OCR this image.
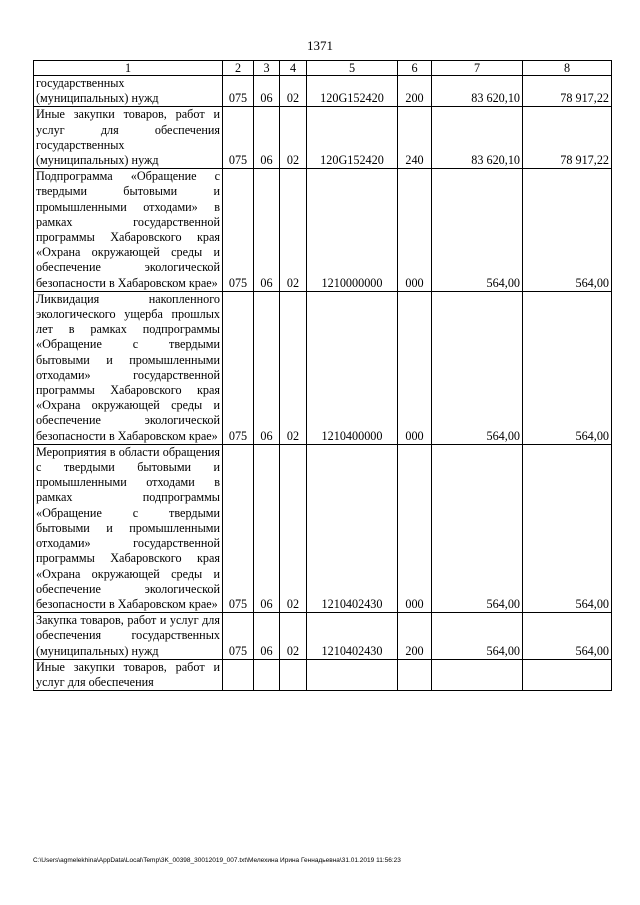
1371
1	2	3	4	5	6	7	8
государственных (муниципальных) нужд	075	06	02	120G152420	200	83 620,10	78 917,22
Иные закупки товаров, работ и услуг для обеспечения государственных (муниципальных) нужд	075	06	02	120G152420	240	83 620,10	78 917,22
Подпрограмма «Обращение с твердыми бытовыми и промышленными отходами» в рамках государственной программы Хабаровского края «Охрана окружающей среды и обеспечение экологической безопасности в Хабаровском крае»	075	06	02	1210000000	000	564,00	564,00
Ликвидация накопленного экологического ущерба прошлых лет в рамках подпрограммы «Обращение с твердыми бытовыми и промышленными отходами» государственной программы Хабаровского края «Охрана окружающей среды и обеспечение экологической безопасности в Хабаровском крае»	075	06	02	1210400000	000	564,00	564,00
Мероприятия в области обращения с твердыми бытовыми и промышленными отходами в рамках подпрограммы «Обращение с твердыми бытовыми и промышленными отходами» государственной программы Хабаровского края «Охрана окружающей среды и обеспечение экологической безопасности в Хабаровском крае»	075	06	02	1210402430	000	564,00	564,00
Закупка товаров, работ и услуг для обеспечения государственных (муниципальных) нужд	075	06	02	1210402430	200	564,00	564,00
Иные закупки товаров, работ и услуг для обеспечения							
C:\Users\agmelekhina\AppData\Local\Temp\3K_00398_30012019_007.txt\Мелехина Ирина Геннадьевна\31.01.2019 11:56:23
